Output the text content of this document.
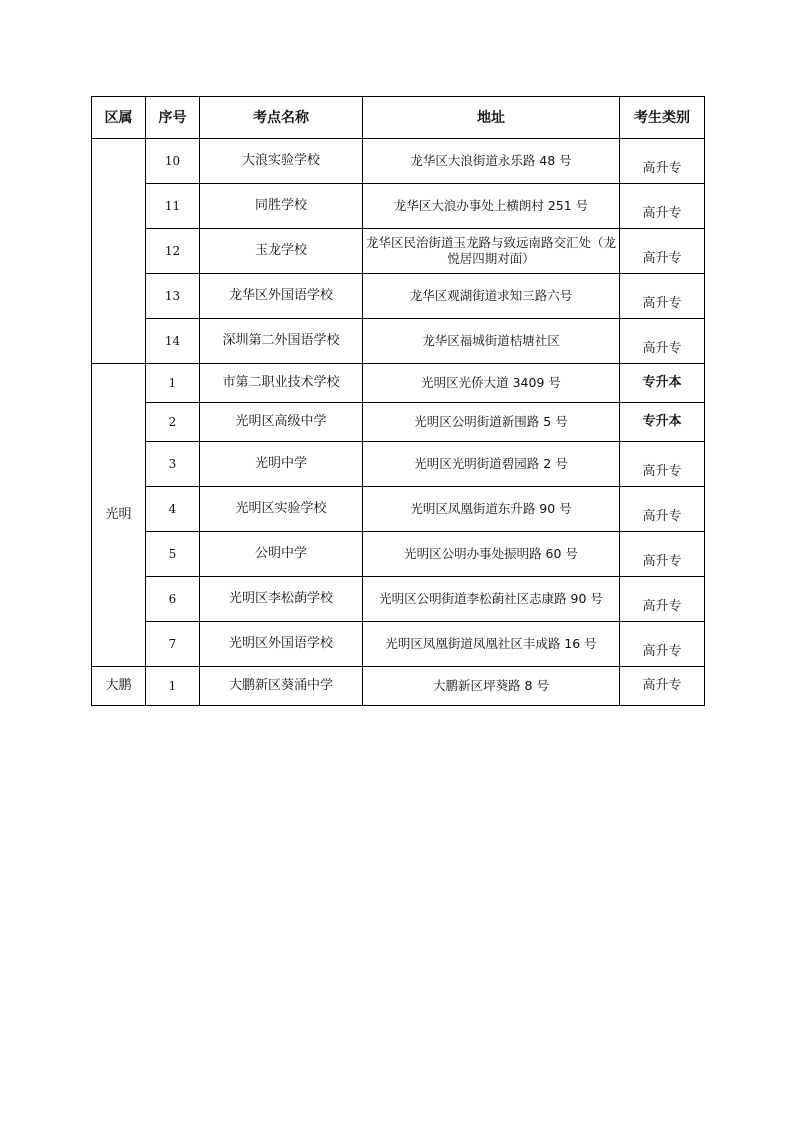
区属	序号	考点名称	地址	考生类别
	10	大浪实验学校	龙华区大浪街道永乐路 48 号	高升专
	11	同胜学校	龙华区大浪办事处上横朗村 251 号	高升专
	12	玉龙学校	龙华区民治街道玉龙路与致远南路交汇处（龙悦居四期对面）	高升专
	13	龙华区外国语学校	龙华区观湖街道求知三路六号	高升专
	14	深圳第二外国语学校	龙华区福城街道桔塘社区	高升专
光明	1	市第二职业技术学校	光明区光侨大道 3409 号	专升本
	2	光明区高级中学	光明区公明街道新围路 5 号	专升本
	3	光明中学	光明区光明街道碧园路 2 号	高升专
	4	光明区实验学校	光明区凤凰街道东升路 90 号	高升专
	5	公明中学	光明区公明办事处振明路 60 号	高升专
	6	光明区李松蓢学校	光明区公明街道李松蓢社区志康路 90 号	高升专
	7	光明区外国语学校	光明区凤凰街道凤凰社区丰成路 16 号	高升专
大鹏	1	大鹏新区葵涌中学	大鹏新区坪葵路 8 号	高升专
